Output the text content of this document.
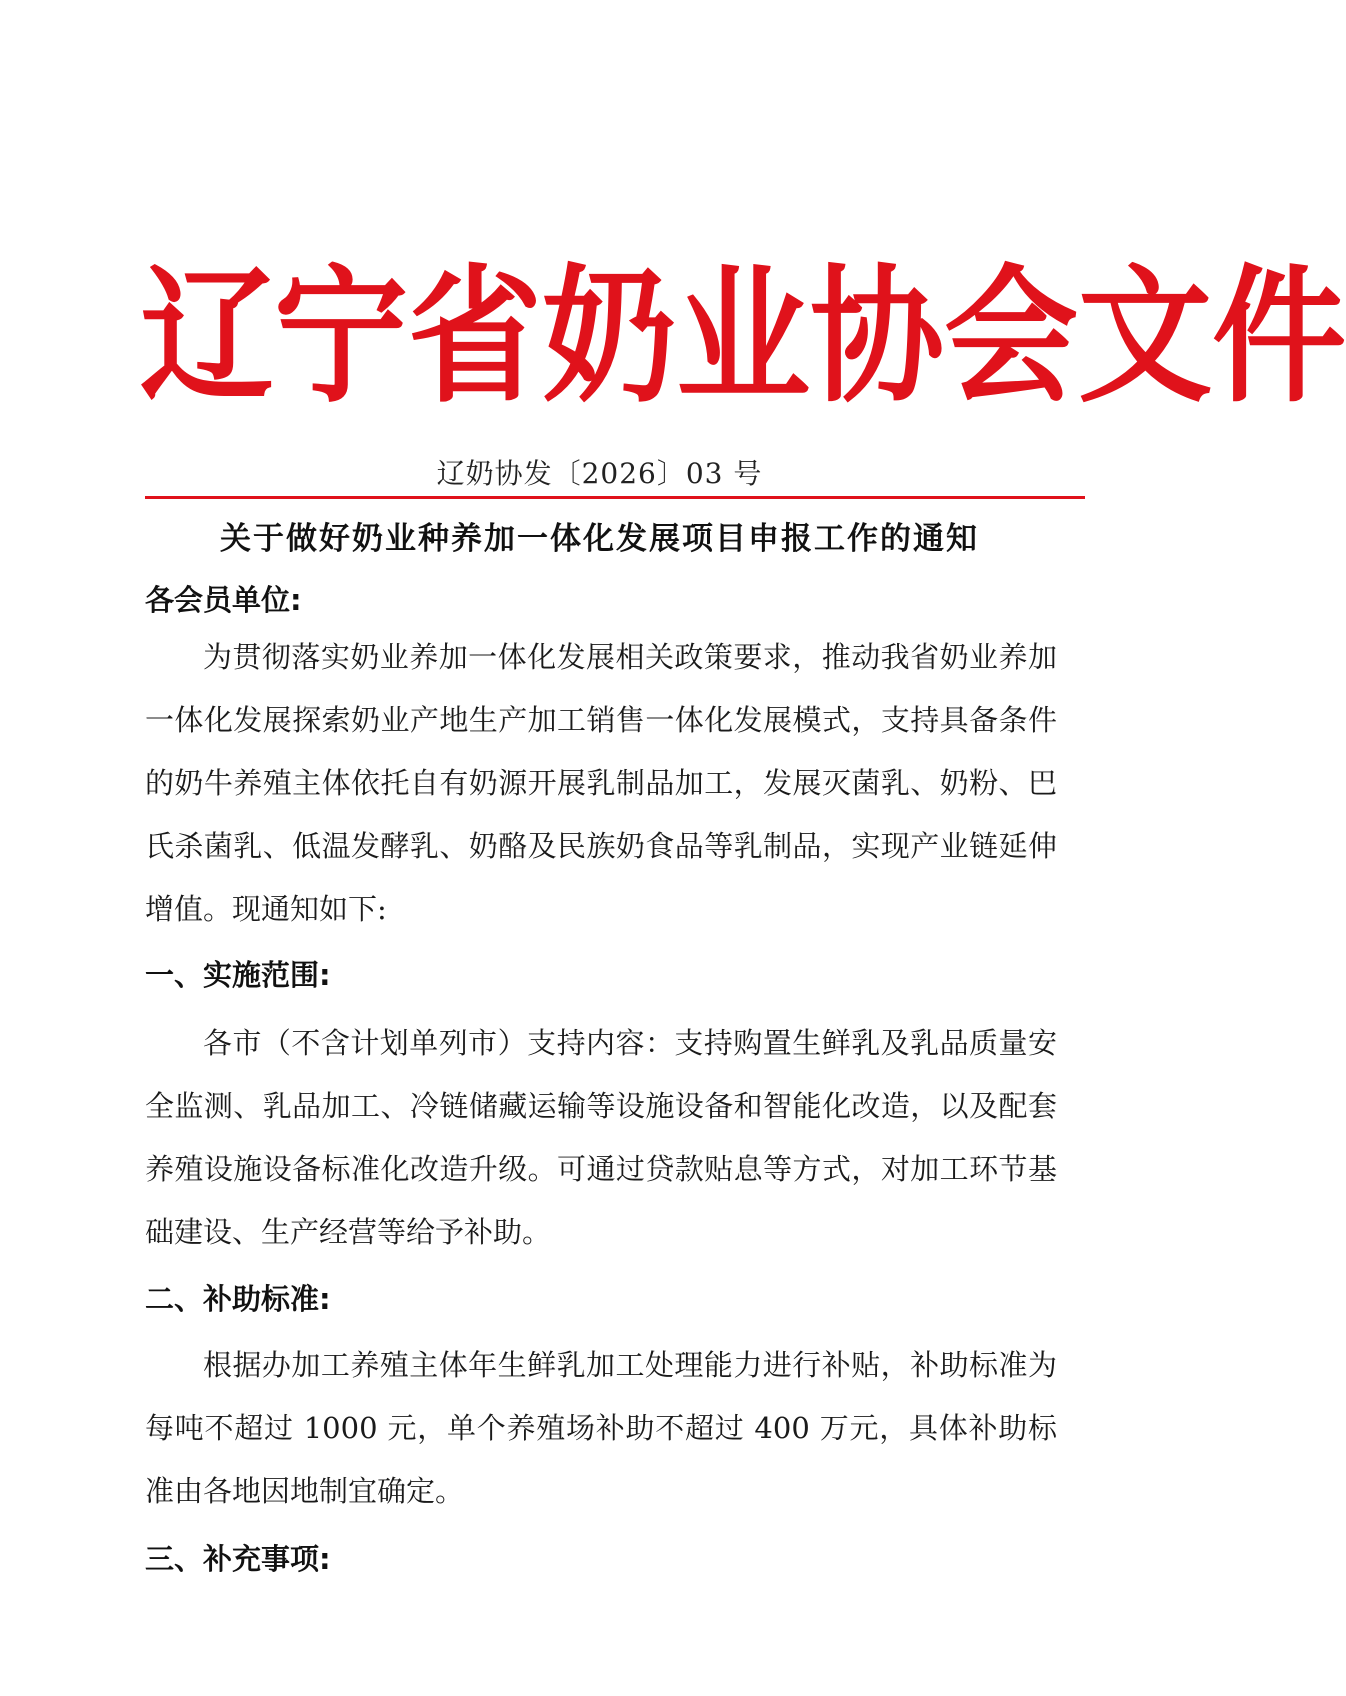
辽 宁 省 奶 业 协 会 文 件
辽奶协发〔2026〕03 号
关于做好奶业种养加一体化发展项目申报工作的通知
各会员单位:
为贯彻落实奶业养加一体化发展相关政策要求，推动我省奶业养加一体化发展探索奶业产地生产加工销售一体化发展模式，支持具备条件的奶牛养殖主体依托自有奶源开展乳制品加工，发展灭菌乳、奶粉、巴氏杀菌乳、低温发酵乳、奶酪及民族奶食品等乳制品，实现产业链延伸增值。现通知如下:
一、实施范围:
各市（不含计划单列市）支持内容：支持购置生鲜乳及乳品质量安全监测、乳品加工、冷链储藏运输等设施设备和智能化改造，以及配套养殖设施设备标准化改造升级。可通过贷款贴息等方式，对加工环节基础建设、生产经营等给予补助。
二、补助标准:
根据办加工养殖主体年生鲜乳加工处理能力进行补贴，补助标准为每吨不超过 1000 元，单个养殖场补助不超过 400 万元，具体补助标准由各地因地制宜确定。
三、补充事项:
